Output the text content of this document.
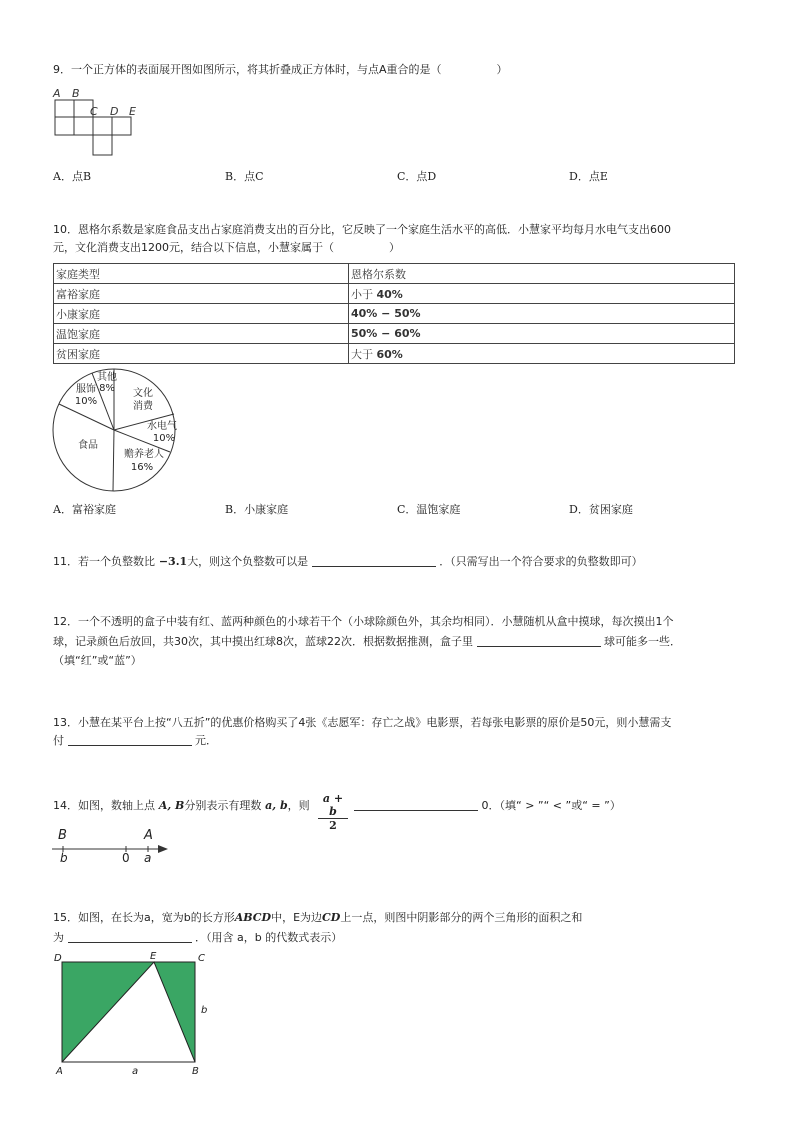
9．一个正方体的表面展开图如图所示，将其折叠成正方体时，与点A重合的是（　　　　　）
A B
C D E
A．点B	B．点C	C．点D	D．点E
10．恩格尔系数是家庭食品支出占家庭消费支出的百分比，它反映了一个家庭生活水平的高低．小慧家平均每月水电气支出600
元，文化消费支出1200元，结合以下信息，小慧家属于（　　　　　）
家庭类型	恩格尔系数
富裕家庭	小于 40%
小康家庭	40% − 50%
温饱家庭	50% − 60%
贫困家庭	大于 60%
其他
8%
服饰
10%
文化
消费
水电气
10%
赡养老人
16%
食品
A．富裕家庭	B．小康家庭	C．温饱家庭	D．贫困家庭
11．若一个负整数比 −3.1大，则这个负整数可以是	．（只需写出一个符合要求的负整数即可）
12．一个不透明的盒子中装有红、蓝两种颜色的小球若干个（小球除颜色外，其余均相同）．小慧随机从盒中摸球，每次摸出1个
球，记录颜色后放回，共30次，其中摸出红球8次，蓝球22次．根据数据推测，盒子里	球可能多一些．
（填“红”或“蓝”）
13．小慧在某平台上按“八五折”的优惠价格购买了4张《志愿军：存亡之战》电影票，若每张电影票的原价是50元，则小慧需支
付	元．
14．如图，数轴上点 A, B分别表示有理数 a, b，则 $\frac{a + b}{2}$	0．（填“ > ”“ < ”或“ = ”）
B
b	0
A
a
15．如图，在长为a，宽为b的长方形ABCD中，E为边CD上一点，则图中阴影部分的两个三角形的面积之和
为	．（用含 a，b 的代数式表示）
D	E	C
A	B
a
b
